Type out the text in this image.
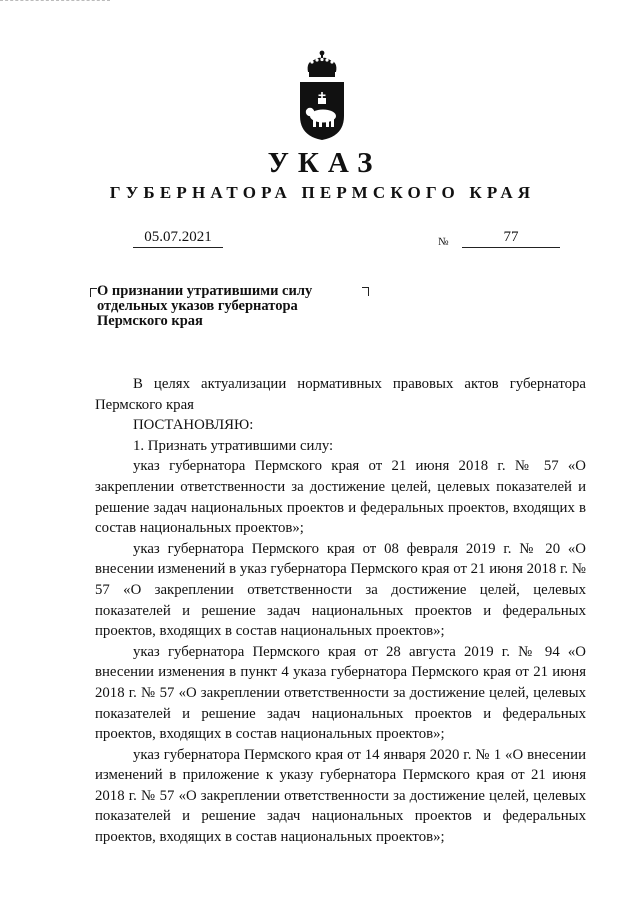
УКАЗ
ГУБЕРНАТОРА ПЕРМСКОГО КРАЯ
05.07.2021	№	77
О признании утратившими силу
отдельных указов губернатора
Пермского края

В целях актуализации нормативных правовых актов губернатора Пермского края

ПОСТАНОВЛЯЮ:

1. Признать утратившими силу:

указ губернатора Пермского края от 21 июня 2018 г. № 57 «О закреплении ответственности за достижение целей, целевых показателей и решение задач национальных проектов и федеральных проектов, входящих в состав национальных проектов»;

указ губернатора Пермского края от 08 февраля 2019 г. № 20 «О внесении изменений в указ губернатора Пермского края от 21 июня 2018 г. № 57 «О закреплении ответственности за достижение целей, целевых показателей и решение задач национальных проектов и федеральных проектов, входящих в состав национальных проектов»;

указ губернатора Пермского края от 28 августа 2019 г. № 94 «О внесении изменения в пункт 4 указа губернатора Пермского края от 21 июня 2018 г. № 57 «О закреплении ответственности за достижение целей, целевых показателей и решение задач национальных проектов и федеральных проектов, входящих в состав национальных проектов»;

указ губернатора Пермского края от 14 января 2020 г. № 1 «О внесении изменений в приложение к указу губернатора Пермского края от 21 июня 2018 г. № 57 «О закреплении ответственности за достижение целей, целевых показателей и решение задач национальных проектов и федеральных проектов, входящих в состав национальных проектов»;
